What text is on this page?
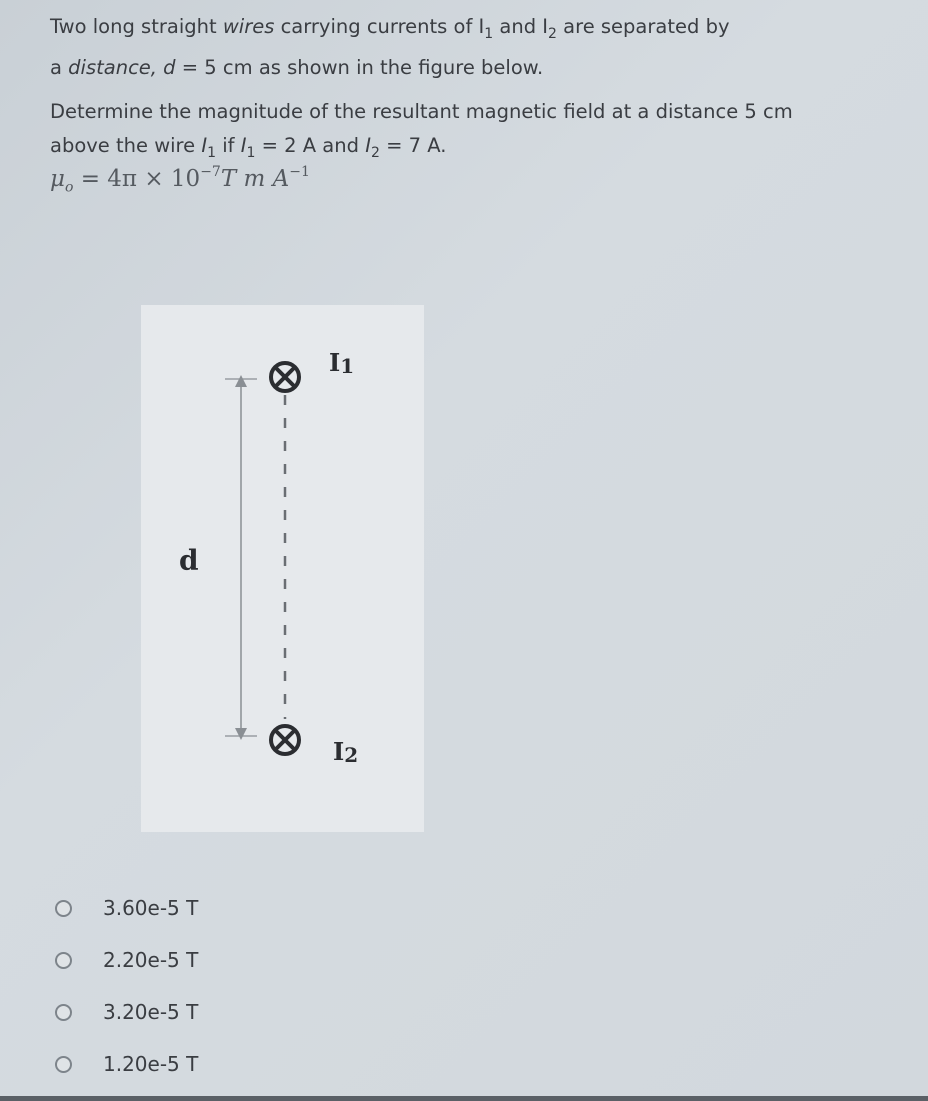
Two long straight wires carrying currents of $I_1$ and $I_2$ are separated by
a distance, d = 5 cm as shown in the figure below.

Determine the magnitude of the resultant magnetic field at a distance 5 cm
above the wire $I_1$ if $I_1 = 2$ A and $I_2 = 7$ A.

$\mu_o = 4\pi \times 10^{-7}T$ m $A^{-1}$
d
I1
I2
3.60e-5 T
2.20e-5 T
3.20e-5 T
1.20e-5 T
